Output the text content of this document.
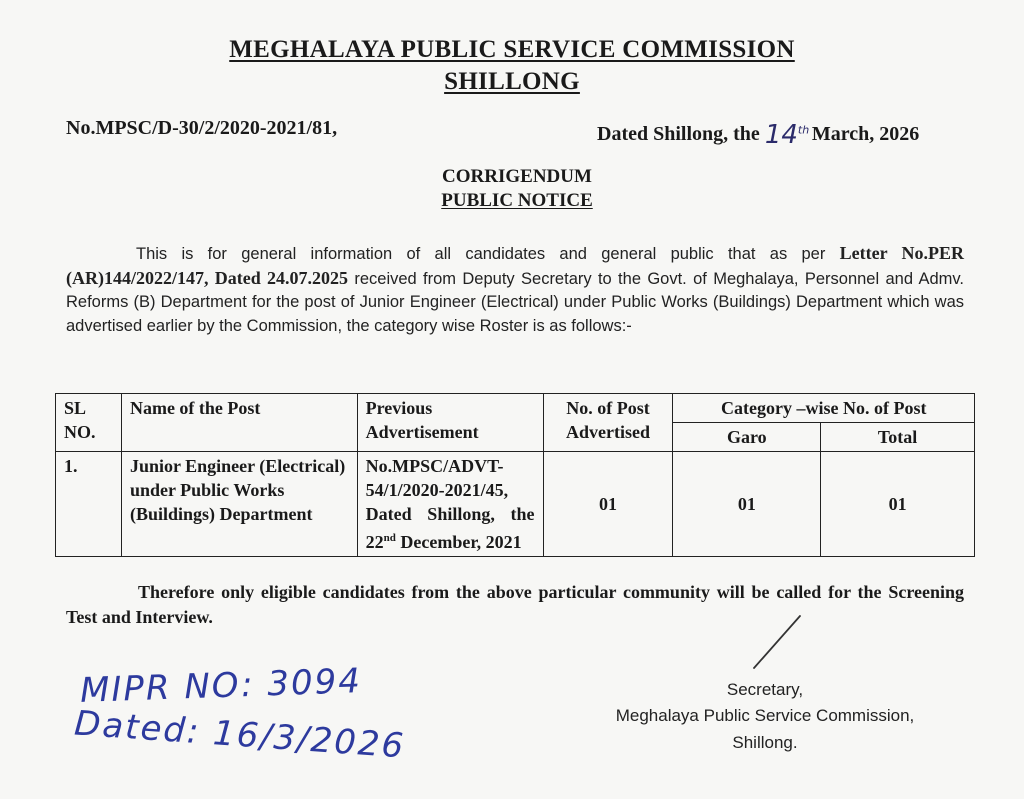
MEGHALAYA PUBLIC SERVICE COMMISSION
SHILLONG
No.MPSC/D-30/2/2020-2021/81,	Dated Shillong, the 14th March, 2026
CORRIGENDUM
PUBLIC NOTICE
This is for general information of all candidates and general public that as per Letter No.PER (AR)144/2022/147, Dated 24.07.2025 received from Deputy Secretary to the Govt. of Meghalaya, Personnel and Admv. Reforms (B) Department for the post of Junior Engineer (Electrical) under Public Works (Buildings) Department which was advertised earlier by the Commission, the category wise Roster is as follows:-
SL NO.	Name of the Post	Previous Advertisement	No. of Post Advertised	Category –wise No. of Post	
				Garo	Total
1.	Junior Engineer (Electrical) under Public Works (Buildings) Department	No.MPSC/ADVT-54/1/2020-2021/45, Dated Shillong, the 22nd December, 2021	01	01	01
Therefore only eligible candidates from the above particular community will be called for the Screening Test and Interview.
Secretary,
Meghalaya Public Service Commission,
Shillong.
MIPR NO: 3094
Dated: 16/3/2026
